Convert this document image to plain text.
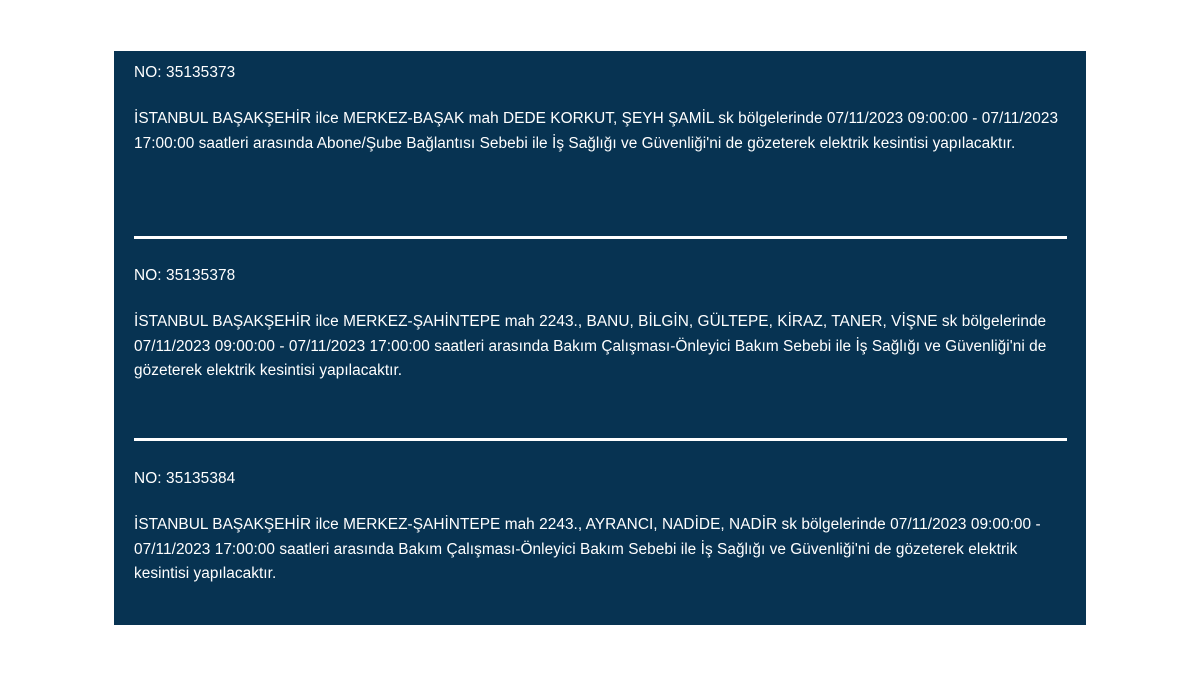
NO: 35135373

İSTANBUL BAŞAKŞEHİR ilce MERKEZ-BAŞAK mah DEDE KORKUT, ŞEYH ŞAMİL sk bölgelerinde 07/11/2023 09:00:00 - 07/11/2023 17:00:00 saatleri arasında Abone/Şube Bağlantısı Sebebi ile İş Sağlığı ve Güvenliği'ni de gözeterek elektrik kesintisi yapılacaktır.

NO: 35135378

İSTANBUL BAŞAKŞEHİR ilce MERKEZ-ŞAHİNTEPE mah 2243., BANU, BİLGİN, GÜLTEPE, KİRAZ, TANER, VİŞNE sk bölgelerinde 07/11/2023 09:00:00 - 07/11/2023 17:00:00 saatleri arasında Bakım Çalışması-Önleyici Bakım Sebebi ile İş Sağlığı ve Güvenliği'ni de gözeterek elektrik kesintisi yapılacaktır.

NO: 35135384

İSTANBUL BAŞAKŞEHİR ilce MERKEZ-ŞAHİNTEPE mah 2243., AYRANCI, NADİDE, NADİR sk bölgelerinde 07/11/2023 09:00:00 - 07/11/2023 17:00:00 saatleri arasında Bakım Çalışması-Önleyici Bakım Sebebi ile İş Sağlığı ve Güvenliği'ni de gözeterek elektrik kesintisi yapılacaktır.
